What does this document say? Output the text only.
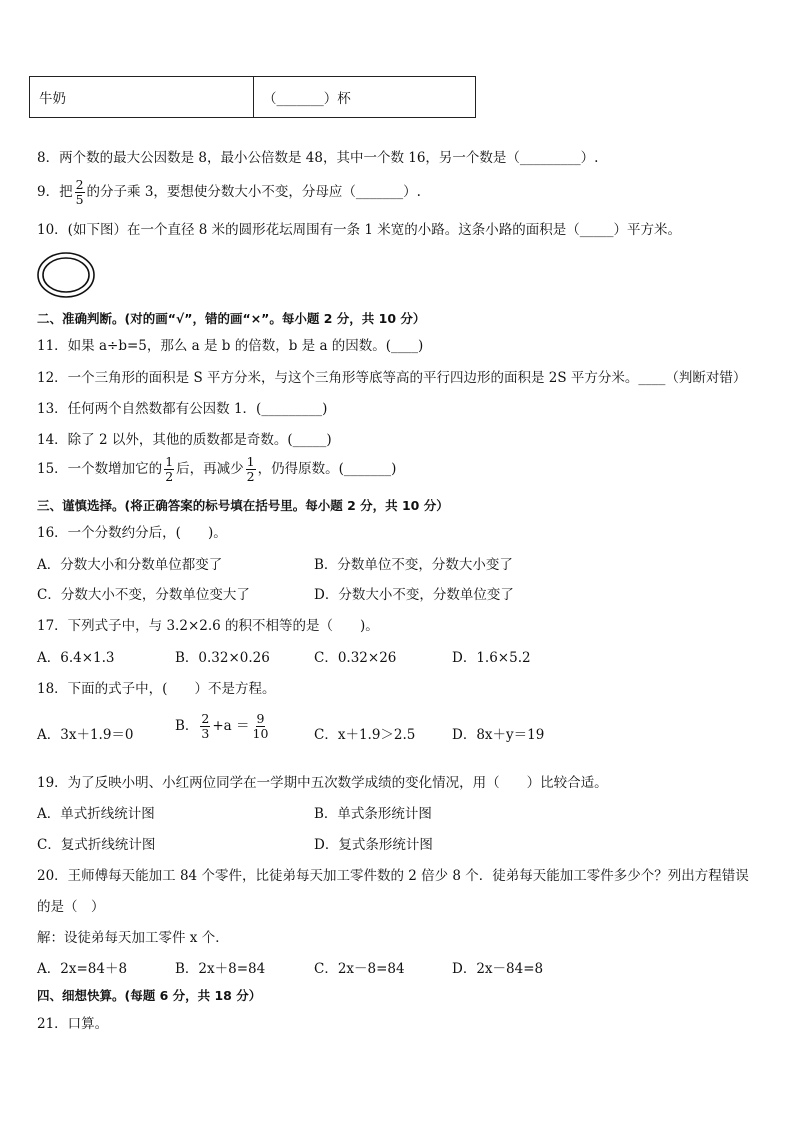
牛奶	（_______）杯
8．两个数的最大公因数是 8，最小公倍数是 48，其中一个数 16，另一个数是（_________）.
9．把 $\frac{2}{5}$ 的分子乘 3，要想使分数大小不变，分母应（_______）.
10．(如下图）在一个直径 8 米的圆形花坛周围有一条 1 米宽的小路。这条小路的面积是（_____）平方米。
二、准确判断。(对的画“√”，错的画“×”。每小题 2 分，共 10 分）
11．如果 a÷b=5，那么 a 是 b 的倍数，b 是 a 的因数。(____)
12．一个三角形的面积是 S 平方分米，与这个三角形等底等高的平行四边形的面积是 2S 平方分米。____（判断对错）
13．任何两个自然数都有公因数 1．(_________)
14．除了 2 以外，其他的质数都是奇数。(_____)
15．一个数增加它的 $\frac{1}{2}$ 后，再减少 $\frac{1}{2}$ ，仍得原数。(_______)
三、谨慎选择。(将正确答案的标号填在括号里。每小题 2 分，共 10 分）
16．一个分数约分后，(　　)。
A．分数大小和分数单位都变了	B．分数单位不变，分数大小变了
C．分数大小不变，分数单位变大了	D．分数大小不变，分数单位变了
17．下列式子中，与 3.2×2.6 的积不相等的是（　　)。
A．6.4×1.3	B．0.32×0.26	C．0.32×26	D．1.6×5.2
18．下面的式子中，(　　）不是方程。
A．3x＋1.9＝0
B． $\frac{2}{3} +a = \frac{9}{10}$	C．x＋1.9＞2.5	D．8x＋y＝19
19．为了反映小明、小红两位同学在一学期中五次数学成绩的变化情况，用（　　）比较合适。
A．单式折线统计图	B．单式条形统计图
C．复式折线统计图	D．复式条形统计图
20．王师傅每天能加工 84 个零件，比徒弟每天加工零件数的 2 倍少 8 个．徒弟每天能加工零件多少个？列出方程错误
的是（　）
解：设徒弟每天加工零件 x 个．
A．2x=84＋8	B．2x＋8=84	C．2x－8=84	D．2x－84=8
四、细想快算。(每题 6 分，共 18 分）
21．口算。
